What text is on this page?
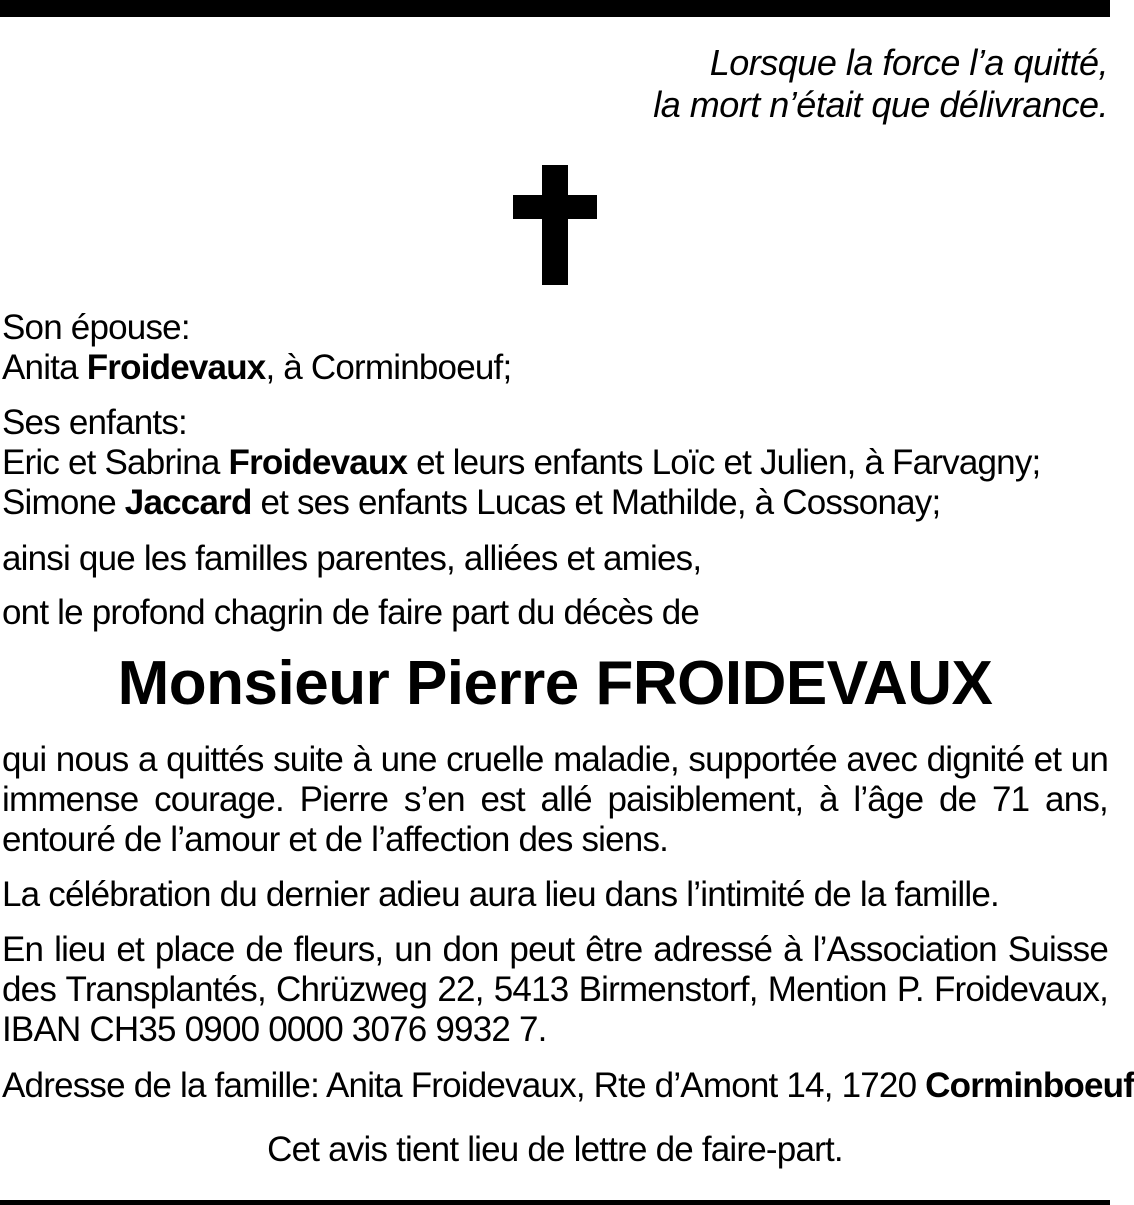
Lorsque la force l’a quitté,
la mort n’était que délivrance.
Son épouse:
Anita Froidevaux, à Corminboeuf;
Ses enfants:
Eric et Sabrina Froidevaux et leurs enfants Loïc et Julien, à Farvagny;
Simone Jaccard et ses enfants Lucas et Mathilde, à Cossonay;
ainsi que les familles parentes, alliées et amies,
ont le profond chagrin de faire part du décès de
Monsieur Pierre FROIDEVAUX
qui nous a quittés suite à une cruelle maladie, supportée avec dignité et un immense courage. Pierre s’en est allé paisiblement, à l’âge de 71 ans, entouré de l’amour et de l’affection des siens.
La célébration du dernier adieu aura lieu dans l’intimité de la famille.
En lieu et place de fleurs, un don peut être adressé à l’Association Suisse des Transplantés, Chrüzweg 22, 5413 Birmenstorf, Mention P. Froidevaux, IBAN CH35 0900 0000 3076 9932 7.
Adresse de la famille: Anita Froidevaux, Rte d’Amont 14, 1720 Corminboeuf
Cet avis tient lieu de lettre de faire-part.
